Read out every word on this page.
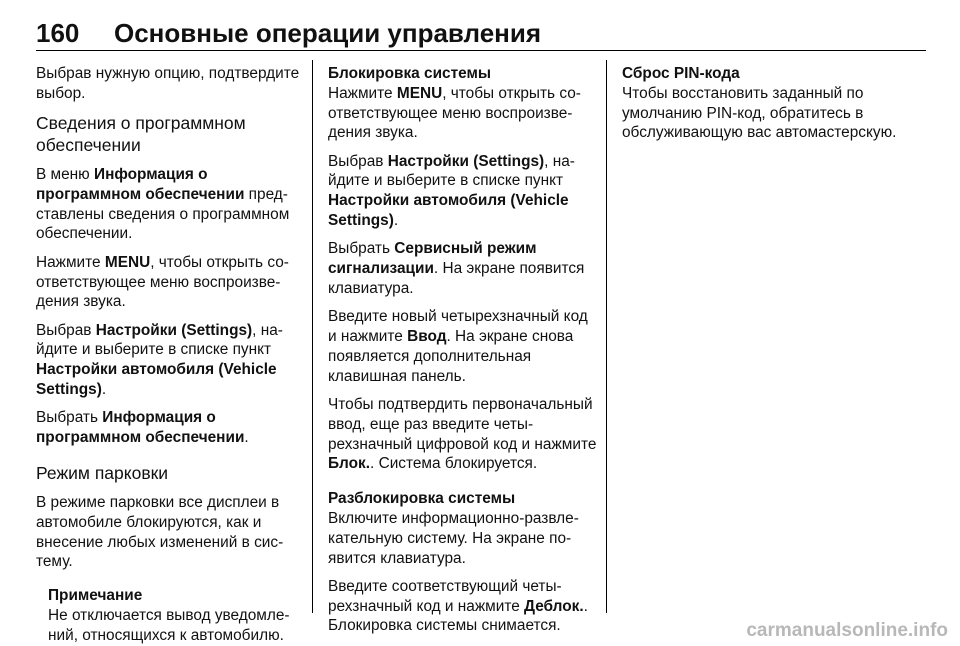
160 Основные операции управления

Выбрав нужную опцию, подтвердите выбор.

Сведения о программном обеспечении

В меню Информация о программном обеспечении представлены сведения о программном обеспечении.

Нажмите MENU, чтобы открыть соответствующее меню воспроизведения звука.

Выбрав Настройки (Settings), найдите и выберите в списке пункт Настройки автомобиля (Vehicle Settings).

Выбрать Информация о программном обеспечении.

Режим парковки

В режиме парковки все дисплеи в автомобиле блокируются, как и внесение любых изменений в систему.

Примечание
Не отключается вывод уведомлений, относящихся к автомобилю.
Блокировка системы

Нажмите MENU, чтобы открыть соответствующее меню воспроизведения звука.

Выбрав Настройки (Settings), найдите и выберите в списке пункт Настройки автомобиля (Vehicle Settings).

Выбрать Сервисный режим сигнализации. На экране появится клавиатура.

Введите новый четырехзначный код и нажмите Ввод. На экране снова появляется дополнительная клавишная панель.

Чтобы подтвердить первоначальный ввод, еще раз введите четырехзначный цифровой код и нажмите Блок.. Система блокируется.

Разблокировка системы

Включите информационно-развлекательную систему. На экране появится клавиатура.

Введите соответствующий четырехзначный код и нажмите Деблок.. Блокировка системы снимается.

Сброс PIN-кода

Чтобы восстановить заданный по умолчанию PIN-код, обратитесь в обслуживающую вас автомастерскую.

carmanualsonline.info
